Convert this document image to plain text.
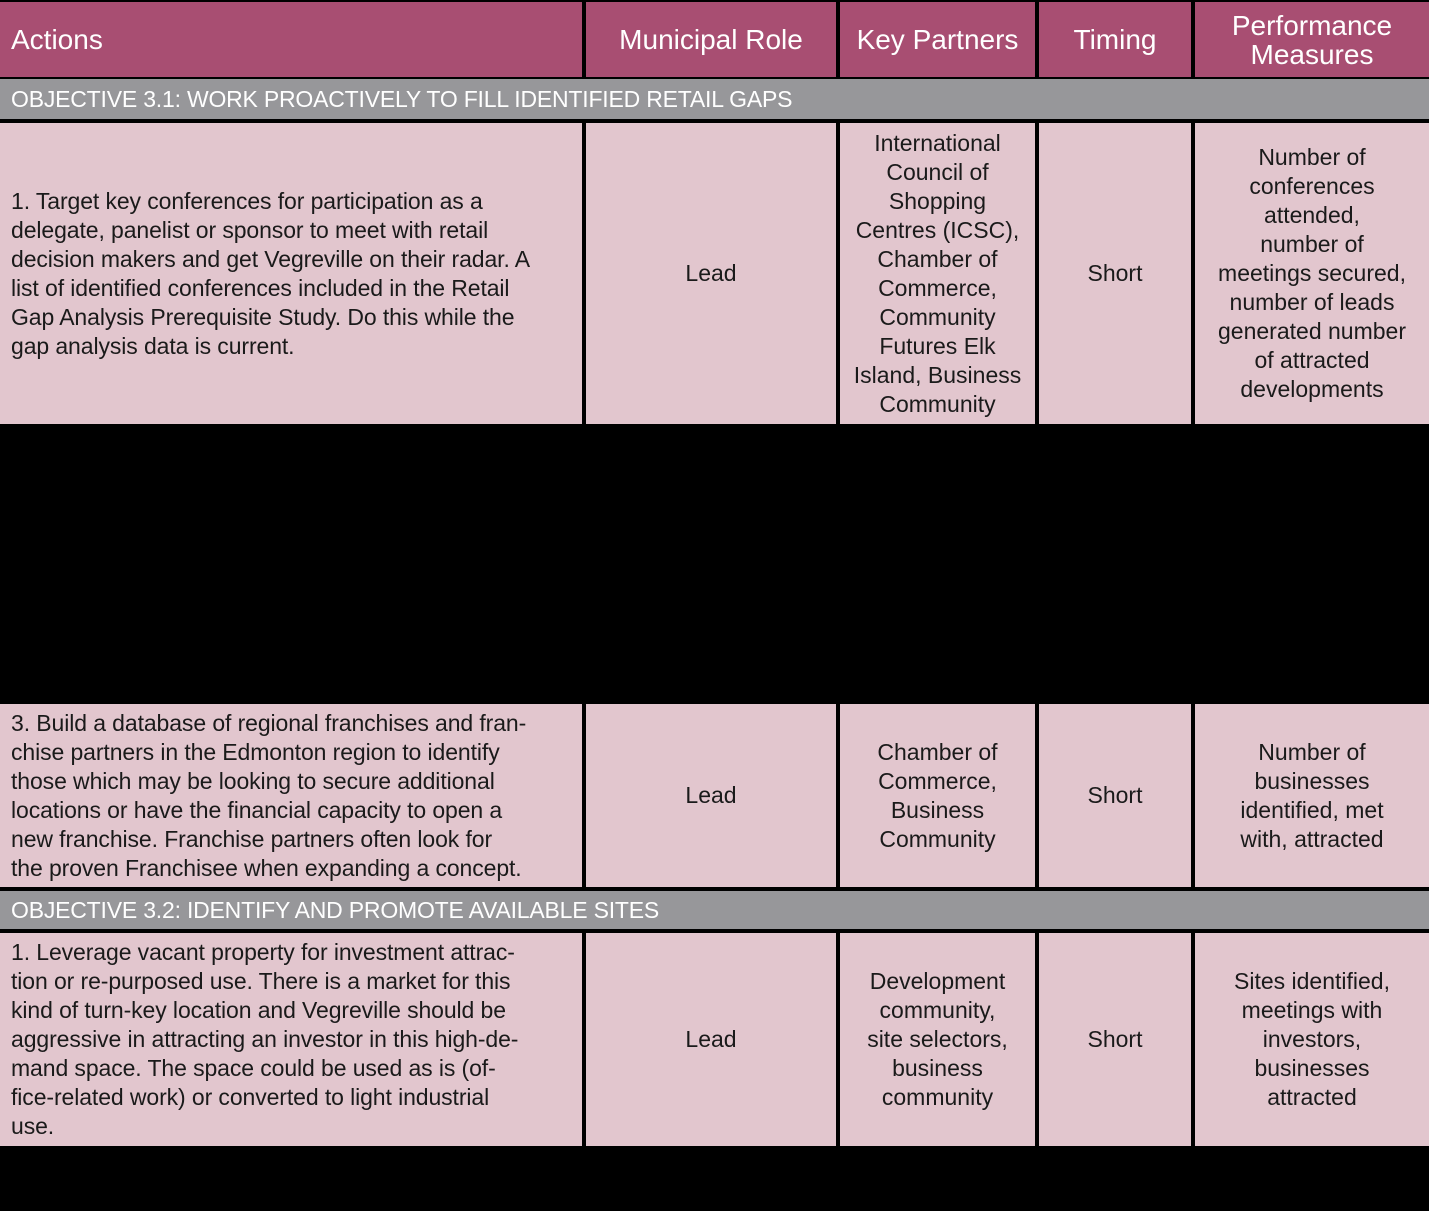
Actions	Municipal Role Key Partners Timing	Performance
Measures
OBJECTIVE 3.1: WORK PROACTIVELY TO FILL IDENTIFIED RETAIL GAPS
1. Target key conferences for participation as a
delegate, panelist or sponsor to meet with retail
decision makers and get Vegreville on their radar. A
list of identified conferences included in the Retail
Gap Analysis Prerequisite Study. Do this while the
gap analysis data is current.
Lead
International
Council of
Shopping
Centres (ICSC),
Chamber of
Commerce,
Community
Futures Elk
Island, Business
Community
Short
Number of
conferences
attended,
number of
meetings secured,
number of leads
generated number
of attracted
developments
3. Build a database of regional franchises and fran-
chise partners in the Edmonton region to identify
those which may be looking to secure additional
locations or have the financial capacity to open a
new franchise. Franchise partners often look for
the proven Franchisee when expanding a concept.
Lead
Chamber of
Commerce,
Business
Community
Short
Number of
businesses
identified, met
with, attracted
OBJECTIVE 3.2: IDENTIFY AND PROMOTE AVAILABLE SITES
1. Leverage vacant property for investment attrac-
tion or re-purposed use. There is a market for this
kind of turn-key location and Vegreville should be
aggressive in attracting an investor in this high-de-
mand space. The space could be used as is (of-
fice-related work) or converted to light industrial
use.
Lead
Development
community,
site selectors,
business
community
Short
Sites identified,
meetings with
investors,
businesses
attracted
